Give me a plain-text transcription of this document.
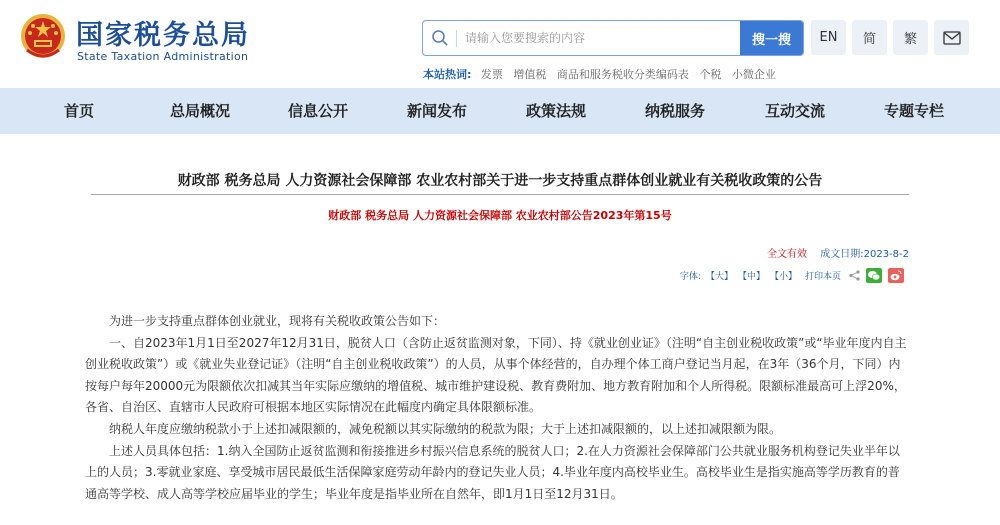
国家税务总局
State Taxation Administration
请输入您要搜索的内容
搜一搜	EN	简	繁
本站热词: 发票 增值税 商品和服务税收分类编码表 个税 小微企业
首页	总局概况	信息公开	新闻发布	政策法规	纳税服务	互动交流	专题专栏
财政部 税务总局 人力资源社会保障部 农业农村部关于进一步支持重点群体创业就业有关税收政策的公告
财政部 税务总局 人力资源社会保障部 农业农村部公告2023年第15号
全文有效 成文日期:2023-8-2
字体: 【大】 【中】 【小】 打印本页

为进一步支持重点群体创业就业，现将有关税收政策公告如下：

一、自2023年1月1日至2027年12月31日，脱贫人口（含防止返贫监测对象，下同）、持《就业创业证》（注明“自主创业税收政策”或“毕业年度内自主创业税收政策”）或《就业失业登记证》（注明“自主创业税收政策”）的人员，从事个体经营的，自办理个体工商户登记当月起，在3年（36个月，下同）内按每户每年20000元为限额依次扣减其当年实际应缴纳的增值税、城市维护建设税、教育费附加、地方教育附加和个人所得税。限额标准最高可上浮20%，各省、自治区、直辖市人民政府可根据本地区实际情况在此幅度内确定具体限额标准。

纳税人年度应缴纳税款小于上述扣减限额的，减免税额以其实际缴纳的税款为限；大于上述扣减限额的，以上述扣减限额为限。

上述人员具体包括：1.纳入全国防止返贫监测和衔接推进乡村振兴信息系统的脱贫人口；2.在人力资源社会保障部门公共就业服务机构登记失业半年以上的人员；3.零就业家庭、享受城市居民最低生活保障家庭劳动年龄内的登记失业人员；4.毕业年度内高校毕业生。高校毕业生是指实施高等学历教育的普通高等学校、成人高等学校应届毕业的学生；毕业年度是指毕业所在自然年，即1月1日至12月31日。
